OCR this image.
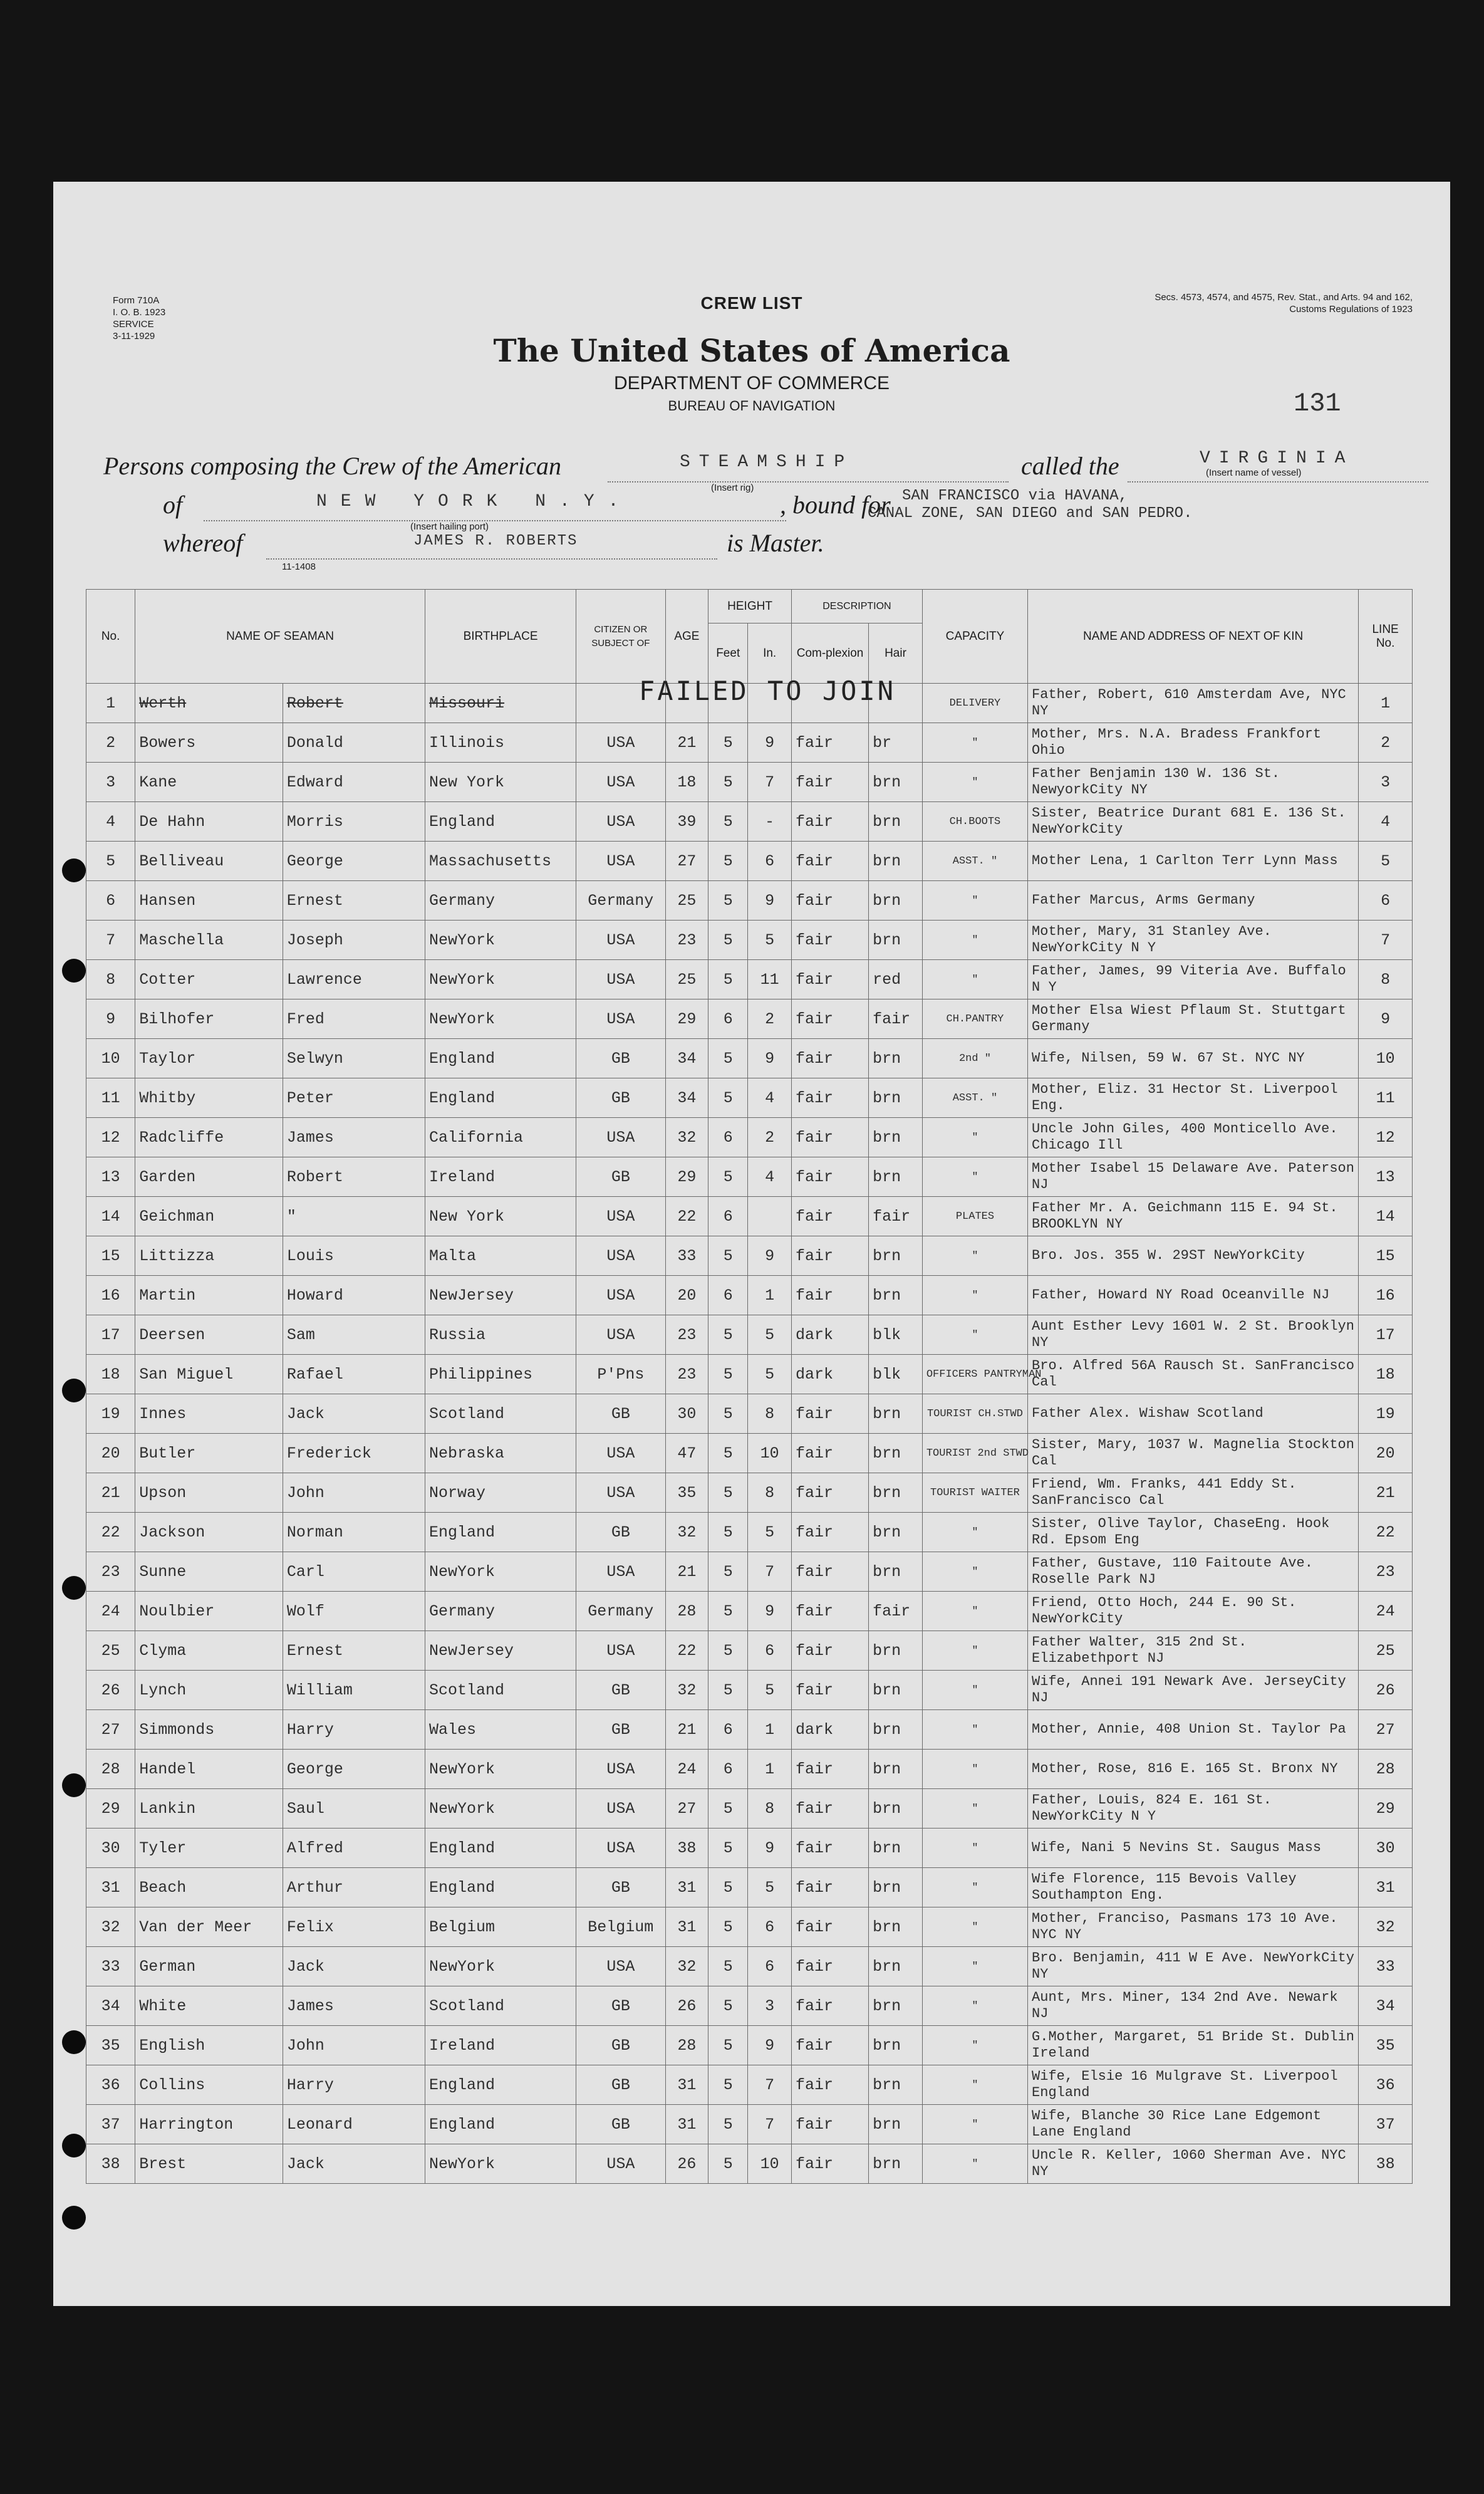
Form 710A
I. O. B. 1923
SERVICE
3-11-1929
Secs. 4573, 4574, and 4575, Rev. Stat., and Arts. 94 and 162, Customs Regulations of 1923
CREW LIST
The United States of America
DEPARTMENT OF COMMERCE
BUREAU OF NAVIGATION	131
Persons composing the Crew of the American	STEAMSHIP
(Insert rig)
called the	VIRGINIA
(Insert name of vessel)
of	NEW YORK N.Y.
(Insert hailing port)
, bound for SAN FRANCISCO via HAVANA,
CANAL ZONE, SAN DIEGO and SAN PEDRO.
whereof	JAMES R. ROBERTS	is Master.
11-1408
No.	NAME OF SEAMAN		BIRTHPLACE	CITIZEN OR SUBJECT OF	AGE	HEIGHT		DESCRIPTION		CAPACITY	NAME AND ADDRESS OF NEXT OF KIN	LINE No.
						Feet	In.	Com-plexion	Hair			
1	Werth	Robert	Missouri							DELIVERY	Father, Robert, 610 Amsterdam Ave, NYC NY	1
2	Bowers	Donald	Illinois	USA	21	5	9	fair	br	"	Mother, Mrs. N.A. Bradess Frankfort Ohio	2
3	Kane	Edward	New York	USA	18	5	7	fair	brn	"	Father Benjamin 130 W. 136 St. NewyorkCity NY	3
4	De Hahn	Morris	England	USA	39	5	-	fair	brn	CH.BOOTS	Sister, Beatrice Durant 681 E. 136 St. NewYorkCity	4
5	Belliveau	George	Massachusetts	USA	27	5	6	fair	brn	ASST. "	Mother Lena, 1 Carlton Terr Lynn Mass	5
6	Hansen	Ernest	Germany	Germany	25	5	9	fair	brn	"	Father Marcus, Arms Germany	6
7	Maschella	Joseph	NewYork	USA	23	5	5	fair	brn	"	Mother, Mary, 31 Stanley Ave. NewYorkCity N Y	7
8	Cotter	Lawrence	NewYork	USA	25	5	11	fair	red	"	Father, James, 99 Viteria Ave. Buffalo N Y	8
9	Bilhofer	Fred	NewYork	USA	29	6	2	fair	fair	CH.PANTRY	Mother Elsa Wiest Pflaum St. Stuttgart Germany	9
10	Taylor	Selwyn	England	GB	34	5	9	fair	brn	2nd "	Wife, Nilsen, 59 W. 67 St. NYC NY	10
11	Whitby	Peter	England	GB	34	5	4	fair	brn	ASST. "	Mother, Eliz. 31 Hector St. Liverpool Eng.	11
12	Radcliffe	James	California	USA	32	6	2	fair	brn	"	Uncle John Giles, 400 Monticello Ave. Chicago Ill	12
13	Garden	Robert	Ireland	GB	29	5	4	fair	brn	"	Mother Isabel 15 Delaware Ave. Paterson NJ	13
14	Geichman	"	New York	USA	22	6		fair	fair	PLATES	Father Mr. A. Geichmann 115 E. 94 St. BROOKLYN NY	14
15	Littizza	Louis	Malta	USA	33	5	9	fair	brn	"	Bro. Jos. 355 W. 29ST NewYorkCity	15
16	Martin	Howard	NewJersey	USA	20	6	1	fair	brn	"	Father, Howard NY Road Oceanville NJ	16
17	Deersen	Sam	Russia	USA	23	5	5	dark	blk	"	Aunt Esther Levy 1601 W. 2 St. Brooklyn NY	17
18	San Miguel	Rafael	Philippines	P'Pns	23	5	5	dark	blk	OFFICERS PANTRYMAN	Bro. Alfred 56A Rausch St. SanFrancisco Cal	18
19	Innes	Jack	Scotland	GB	30	5	8	fair	brn	TOURIST CH.STWD	Father Alex. Wishaw Scotland	19
20	Butler	Frederick	Nebraska	USA	47	5	10	fair	brn	TOURIST 2nd STWD	Sister, Mary, 1037 W. Magnelia Stockton Cal	20
21	Upson	John	Norway	USA	35	5	8	fair	brn	TOURIST WAITER	Friend, Wm. Franks, 441 Eddy St. SanFrancisco Cal	21
22	Jackson	Norman	England	GB	32	5	5	fair	brn	"	Sister, Olive Taylor, ChaseEng. Hook Rd. Epsom Eng	22
23	Sunne	Carl	NewYork	USA	21	5	7	fair	brn	"	Father, Gustave, 110 Faitoute Ave. Roselle Park NJ	23
24	Noulbier	Wolf	Germany	Germany	28	5	9	fair	fair	"	Friend, Otto Hoch, 244 E. 90 St. NewYorkCity	24
25	Clyma	Ernest	NewJersey	USA	22	5	6	fair	brn	"	Father Walter, 315 2nd St. Elizabethport NJ	25
26	Lynch	William	Scotland	GB	32	5	5	fair	brn	"	Wife, Annei 191 Newark Ave. JerseyCity NJ	26
27	Simmonds	Harry	Wales	GB	21	6	1	dark	brn	"	Mother, Annie, 408 Union St. Taylor Pa	27
28	Handel	George	NewYork	USA	24	6	1	fair	brn	"	Mother, Rose, 816 E. 165 St. Bronx NY	28
29	Lankin	Saul	NewYork	USA	27	5	8	fair	brn	"	Father, Louis, 824 E. 161 St. NewYorkCity N Y	29
30	Tyler	Alfred	England	USA	38	5	9	fair	brn	"	Wife, Nani 5 Nevins St. Saugus Mass	30
31	Beach	Arthur	England	GB	31	5	5	fair	brn	"	Wife Florence, 115 Bevois Valley Southampton Eng.	31
32	Van der Meer	Felix	Belgium	Belgium	31	5	6	fair	brn	"	Mother, Franciso, Pasmans 173 10 Ave. NYC NY	32
33	German	Jack	NewYork	USA	32	5	6	fair	brn	"	Bro. Benjamin, 411 W E Ave. NewYorkCity NY	33
34	White	James	Scotland	GB	26	5	3	fair	brn	"	Aunt, Mrs. Miner, 134 2nd Ave. Newark NJ	34
35	English	John	Ireland	GB	28	5	9	fair	brn	"	G.Mother, Margaret, 51 Bride St. Dublin Ireland	35
36	Collins	Harry	England	GB	31	5	7	fair	brn	"	Wife, Elsie 16 Mulgrave St. Liverpool England	36
37	Harrington	Leonard	England	GB	31	5	7	fair	brn	"	Wife, Blanche 30 Rice Lane Edgemont Lane England	37
38	Brest	Jack	NewYork	USA	26	5	10	fair	brn	"	Uncle R. Keller, 1060 Sherman Ave. NYC NY	38
FAILED TO JOIN
